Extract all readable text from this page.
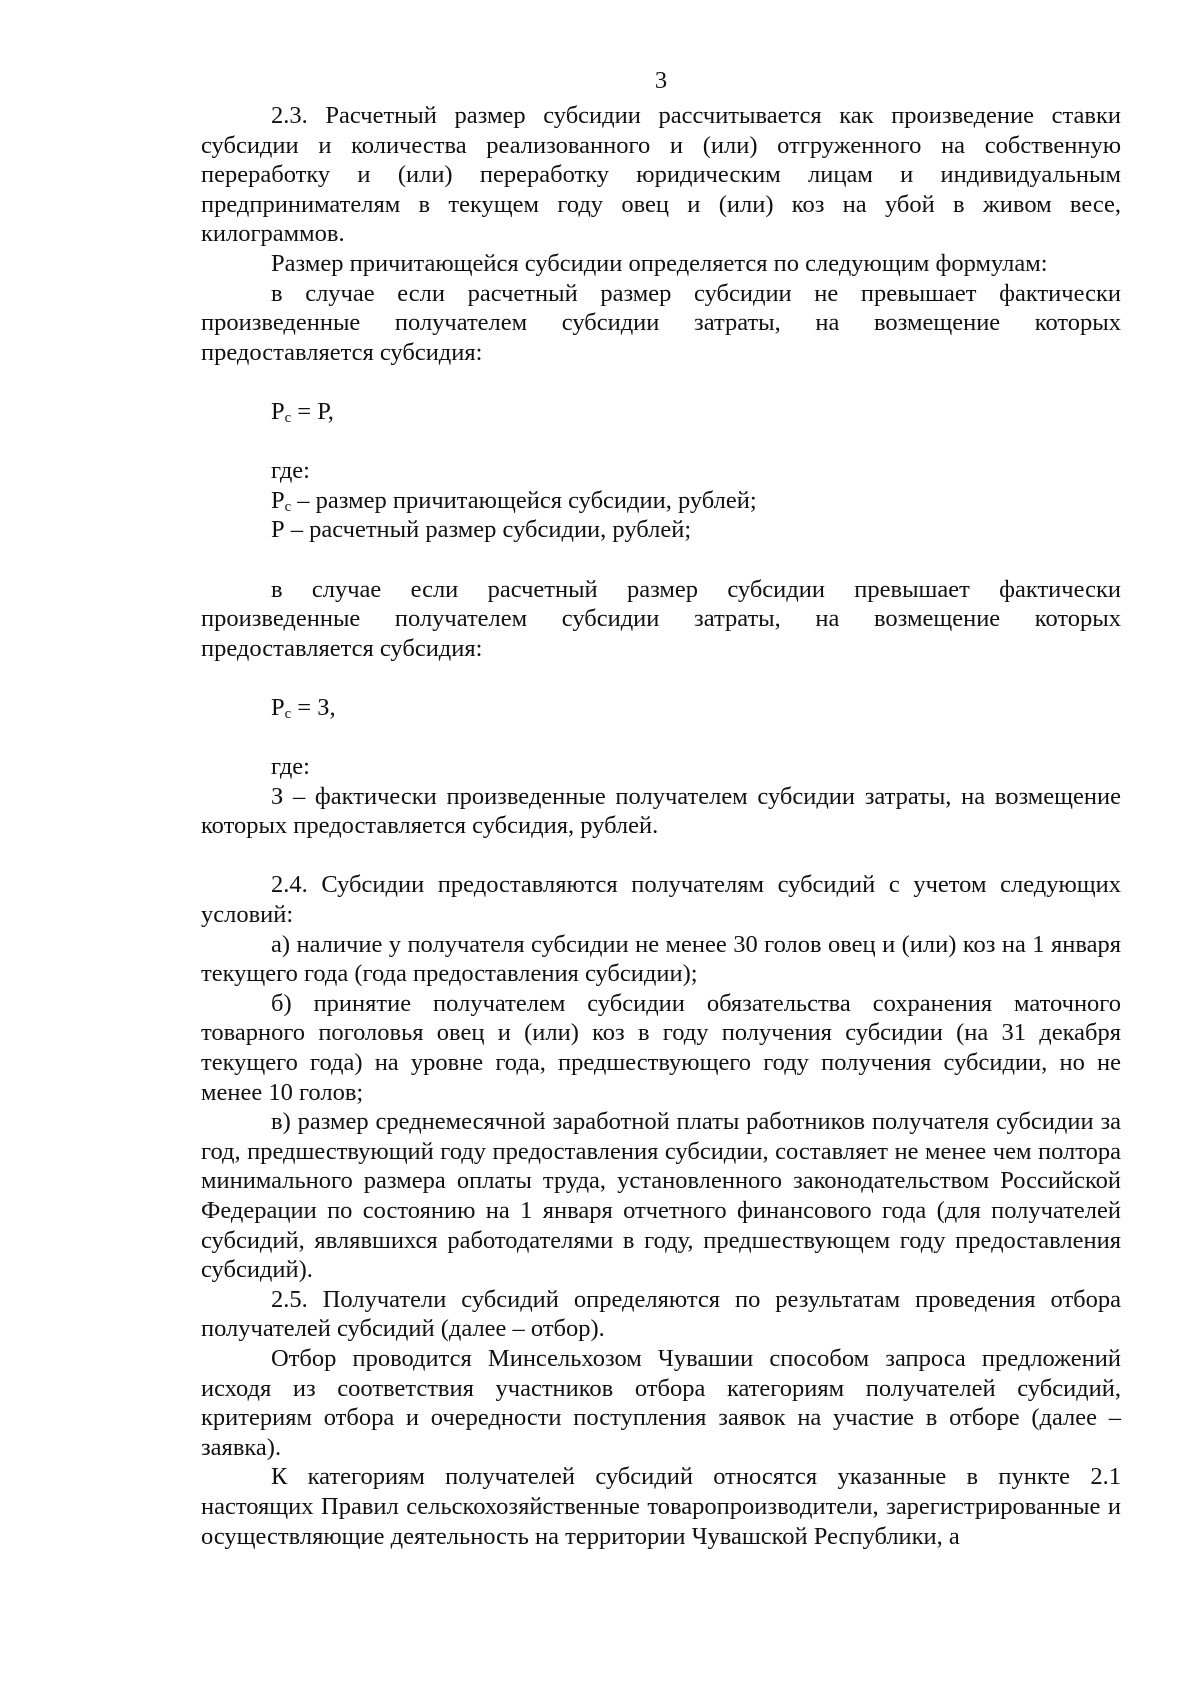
3

2.3. Расчетный размер субсидии рассчитывается как произведение ставки субсидии и количества реализованного и (или) отгруженного на собственную переработку и (или) переработку юридическим лицам и индивидуальным предпринимателям в текущем году овец и (или) коз на убой в живом весе, килограммов.

Размер причитающейся субсидии определяется по следующим формулам:

в случае если расчетный размер субсидии не превышает фактически произведенные получателем субсидии затраты, на возмещение которых предоставляется субсидия:

$Р_с = Р$,

где:

$Р_с$ – размер причитающейся субсидии, рублей;

Р – расчетный размер субсидии, рублей;

в случае если расчетный размер субсидии превышает фактически произведенные получателем субсидии затраты, на возмещение которых предоставляется субсидия:

$Р_с = З$,

где:

З – фактически произведенные получателем субсидии затраты, на возмещение которых предоставляется субсидия, рублей.

2.4. Субсидии предоставляются получателям субсидий с учетом следующих условий:

а) наличие у получателя субсидии не менее 30 голов овец и (или) коз на 1 января текущего года (года предоставления субсидии);

б) принятие получателем субсидии обязательства сохранения маточного товарного поголовья овец и (или) коз в году получения субсидии (на 31 декабря текущего года) на уровне года, предшествующего году получения субсидии, но не менее 10 голов;

в) размер среднемесячной заработной платы работников получателя субсидии за год, предшествующий году предоставления субсидии, составляет не менее чем полтора минимального размера оплаты труда, установленного законодательством Российской Федерации по состоянию на 1 января отчетного финансового года (для получателей субсидий, являвшихся работодателями в году, предшествующем году предоставления субсидий).

2.5. Получатели субсидий определяются по результатам проведения отбора получателей субсидий (далее – отбор).

Отбор проводится Минсельхозом Чувашии способом запроса предложений исходя из соответствия участников отбора категориям получателей субсидий, критериям отбора и очередности поступления заявок на участие в отборе (далее – заявка).

К категориям получателей субсидий относятся указанные в пункте 2.1 настоящих Правил сельскохозяйственные товаропроизводители, зарегистрированные и осуществляющие деятельность на территории Чувашской Республики, а
